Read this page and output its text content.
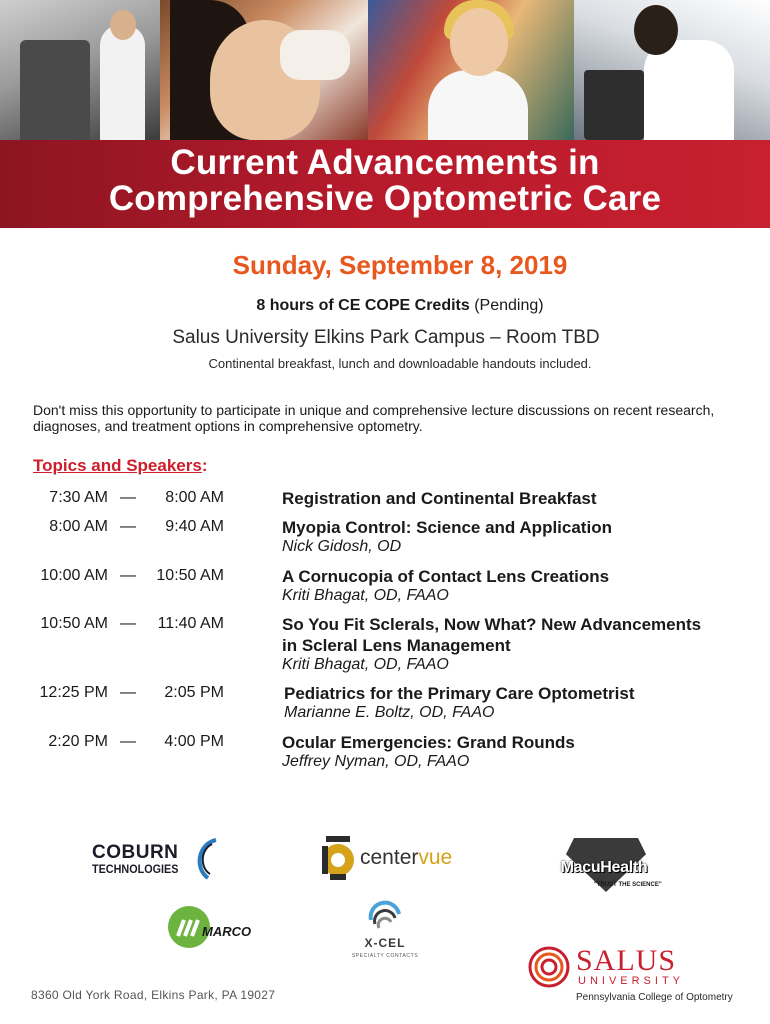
Current Advancements in
Comprehensive Optometric Care
Sunday, September 8, 2019
8 hours of CE COPE Credits (Pending)
Salus University Elkins Park Campus – Room TBD
Continental breakfast, lunch and downloadable handouts included.
Don't miss this opportunity to participate in unique and comprehensive lecture discussions on recent research, diagnoses, and treatment options in comprehensive optometry.
Topics and Speakers:
7:30 AM —	8:00 AM	Registration and Continental Breakfast
8:00 AM —	9:40 AM	Myopia Control: Science and Application
Nick Gidosh, OD
10:00 AM —	10:50 AM	A Cornucopia of Contact Lens Creations
Kriti Bhagat, OD, FAAO
10:50 AM —	11:40 AM	So You Fit Sclerals, Now What? New Advancements in Scleral Lens Management
Kriti Bhagat, OD, FAAO
12:25 PM —	2:05 PM	Pediatrics for the Primary Care Optometrist
Marianne E. Boltz, OD, FAAO
2:20 PM —	4:00 PM	Ocular Emergencies: Grand Rounds
Jeffrey Nyman, OD, FAAO
COBURN
TECHNOLOGIES	centervue	MacuHealth
"TRUST THE SCIENCE"
MARCO
X-CEL
SPECIALTY CONTACTS	SALUS
UNIVERSITY
Pennsylvania College of Optometry
8360 Old York Road, Elkins Park, PA 19027
